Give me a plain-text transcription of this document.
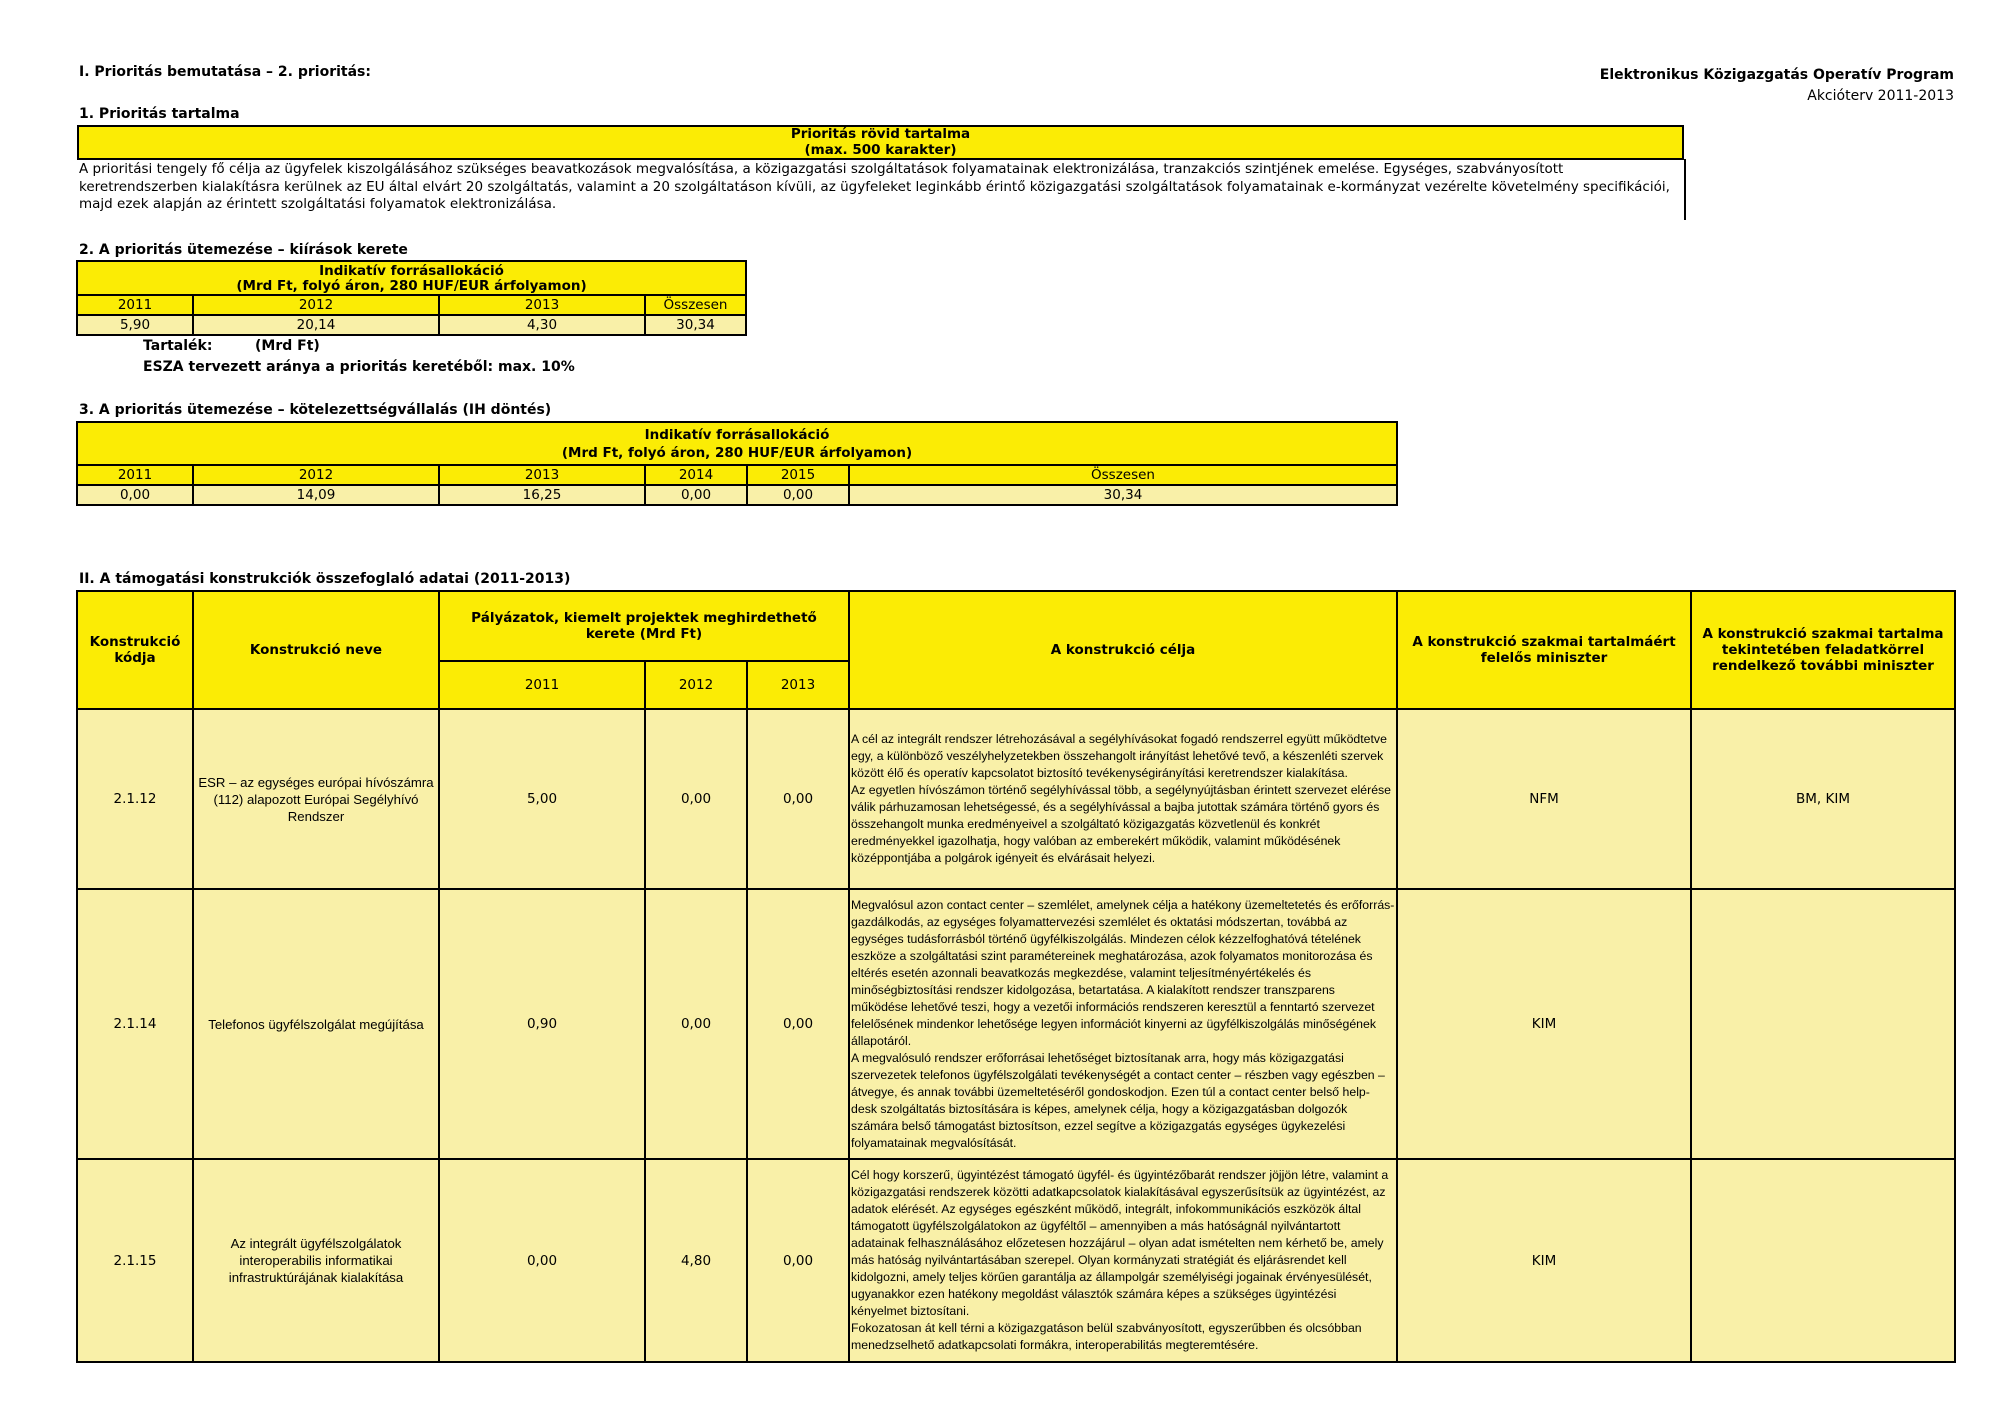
I. Prioritás bemutatása – 2. prioritás:	Elektronikus Közigazgatás Operatív Program
Akcióterv 2011-2013
1. Prioritás tartalma
Prioritás rövid tartalma
(max. 500 karakter)
A prioritási tengely fő célja az ügyfelek kiszolgálásához szükséges beavatkozások megvalósítása, a közigazgatási szolgáltatások folyamatainak elektronizálása, tranzakciós szintjének emelése. Egységes, szabványosított keretrendszerben kialakításra kerülnek az EU által elvárt 20 szolgáltatás, valamint a 20 szolgáltatáson kívüli, az ügyfeleket leginkább érintő közigazgatási szolgáltatások folyamatainak e-kormányzat vezérelte követelmény specifikációi, majd ezek alapján az érintett szolgáltatási folyamatok elektronizálása.
2. A prioritás ütemezése – kiírások kerete
Indikatív forrásallokáció
(Mrd Ft, folyó áron, 280 HUF/EUR árfolyamon)			

2011	2012	2013	Összesen
5,90	20,14	4,30	30,34
Tartalék:	(Mrd Ft)
ESZA tervezett aránya a prioritás keretéből: max. 10%
3. A prioritás ütemezése – kötelezettségvállalás (IH döntés)
Indikatív forrásallokáció
(Mrd Ft, folyó áron, 280 HUF/EUR árfolyamon)					

2011	2012	2013	2014	2015	Összesen
0,00	14,09	16,25	0,00	0,00	30,34
II. A támogatási konstrukciók összefoglaló adatai (2011-2013)
Konstrukció kódja	Konstrukció neve	Pályázatok, kiemelt projektek meghirdethető kerete (Mrd Ft)			A konstrukció célja	A konstrukció szakmai tartalmáért felelős miniszter	A konstrukció szakmai tartalma tekintetében feladatkörrel rendelkező további miniszter
		2011	2012	2013			
2.1.12	ESR – az egységes európai hívószámra (112) alapozott Európai Segélyhívó Rendszer	5,00	0,00	0,00	A cél az integrált rendszer létrehozásával a segélyhívásokat fogadó rendszerrel együtt működtetve egy, a különböző veszélyhelyzetekben összehangolt irányítást lehetővé tevő, a készenléti szervek között élő és operatív kapcsolatot biztosító tevékenységirányítási keretrendszer kialakítása.
Az egyetlen hívószámon történő segélyhívással több, a segélynyújtásban érintett szervezet elérése válik párhuzamosan lehetségessé, és a segélyhívással a bajba jutottak számára történő gyors és összehangolt munka eredményeivel a szolgáltató közigazgatás közvetlenül és konkrét eredményekkel igazolhatja, hogy valóban az emberekért működik, valamint működésének középpontjába a polgárok igényeit és elvárásait helyezi.	NFM	BM, KIM
2.1.14	Telefonos ügyfélszolgálat megújítása	0,90	0,00	0,00	Megvalósul azon contact center – szemlélet, amelynek célja a hatékony üzemeltetetés és erőforrás-gazdálkodás, az egységes folyamattervezési szemlélet és oktatási módszertan, továbbá az egységes tudásforrásból történő ügyfélkiszolgálás. Mindezen célok kézzelfoghatóvá tételének eszköze a szolgáltatási szint paramétereinek meghatározása, azok folyamatos monitorozása és eltérés esetén azonnali beavatkozás megkezdése, valamint teljesítményértékelés és minőségbiztosítási rendszer kidolgozása, betartatása. A kialakított rendszer transzparens működése lehetővé teszi, hogy a vezetői információs rendszeren keresztül a fenntartó szervezet felelősének mindenkor lehetősége legyen információt kinyerni az ügyfélkiszolgálás minőségének állapotáról.
A megvalósuló rendszer erőforrásai lehetőséget biztosítanak arra, hogy más közigazgatási szervezetek telefonos ügyfélszolgálati tevékenységét a contact center – részben vagy egészben – átvegye, és annak további üzemeltetéséről gondoskodjon. Ezen túl a contact center belső help-desk szolgáltatás biztosítására is képes, amelynek célja, hogy a közigazgatásban dolgozók számára belső támogatást biztosítson, ezzel segítve a közigazgatás egységes ügykezelési folyamatainak megvalósítását.	KIM	
2.1.15	Az integrált ügyfélszolgálatok interoperabilis informatikai infrastruktúrájának kialakítása	0,00	4,80	0,00	Cél hogy korszerű, ügyintézést támogató ügyfél- és ügyintézőbarát rendszer jöjjön létre, valamint a közigazgatási rendszerek közötti adatkapcsolatok kialakításával egyszerűsítsük az ügyintézést, az adatok elérését. Az egységes egészként működő, integrált, infokommunikációs eszközök által támogatott ügyfélszolgálatokon az ügyféltől – amennyiben a más hatóságnál nyilvántartott adatainak felhasználásához előzetesen hozzájárul – olyan adat ismételten nem kérhető be, amely más hatóság nyilvántartásában szerepel. Olyan kormányzati stratégiát és eljárásrendet kell kidolgozni, amely teljes körűen garantálja az állampolgár személyiségi jogainak érvényesülését, ugyanakkor ezen hatékony megoldást választók számára képes a szükséges ügyintézési kényelmet biztosítani.
Fokozatosan át kell térni a közigazgatáson belül szabványosított, egyszerűbben és olcsóbban menedzselhető adatkapcsolati formákra, interoperabilitás megteremtésére.	KIM	
